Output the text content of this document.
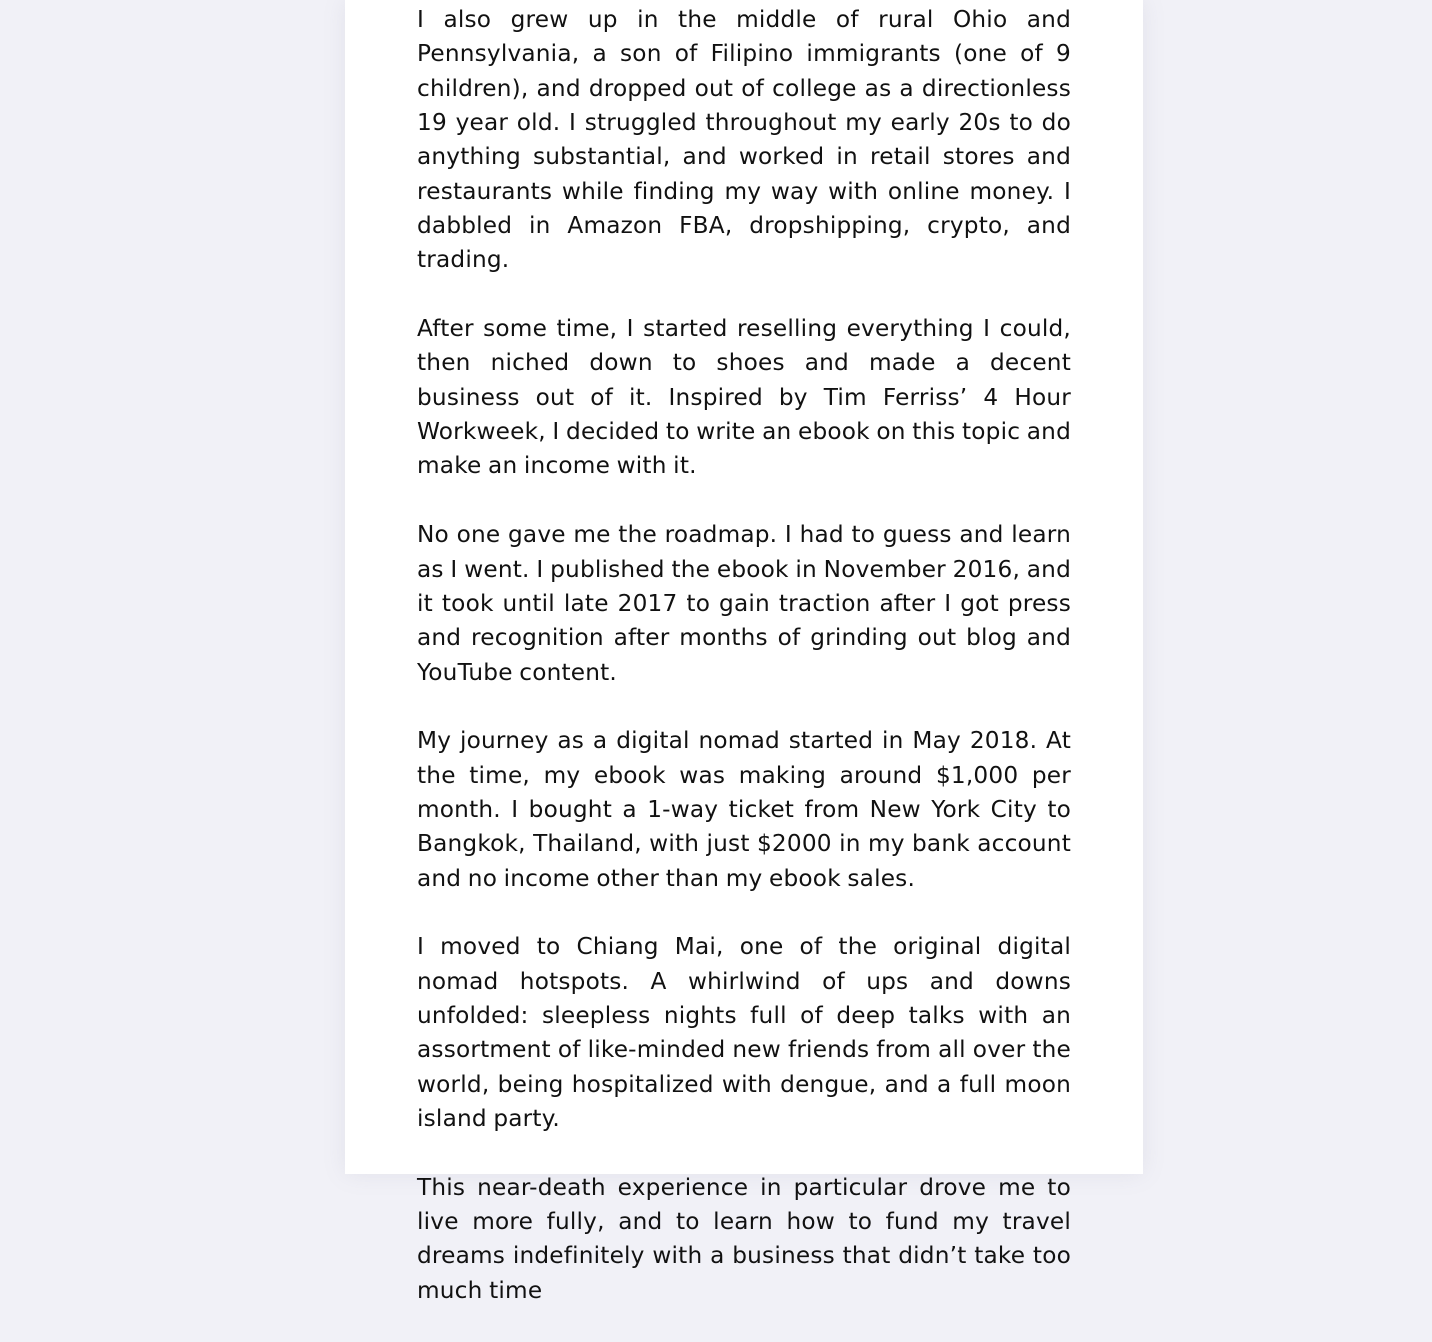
I also grew up in the middle of rural Ohio and Pennsylvania, a son of Filipino immigrants (one of 9 children), and dropped out of college as a directionless 19 year old. I struggled throughout my early 20s to do anything substantial, and worked in retail stores and restaurants while finding my way with online money. I dabbled in Amazon FBA, dropshipping, crypto, and trading.

After some time, I started reselling everything I could, then niched down to shoes and made a decent business out of it. Inspired by Tim Ferriss’ 4 Hour Workweek, I decided to write an ebook on this topic and make an income with it.

No one gave me the roadmap. I had to guess and learn as I went. I published the ebook in November 2016, and it took until late 2017 to gain traction after I got press and recognition after months of grinding out blog and YouTube content.

My journey as a digital nomad started in May 2018. At the time, my ebook was making around $1,000 per month. I bought a 1-way ticket from New York City to Bangkok, Thailand, with just $2000 in my bank account and no income other than my ebook sales.

I moved to Chiang Mai, one of the original digital nomad hotspots. A whirlwind of ups and downs unfolded: sleepless nights full of deep talks with an assortment of like-minded new friends from all over the world, being hospitalized with dengue, and a full moon island party.

This near-death experience in particular drove me to live more fully, and to learn how to fund my travel dreams indefinitely with a business that didn’t take too much time
